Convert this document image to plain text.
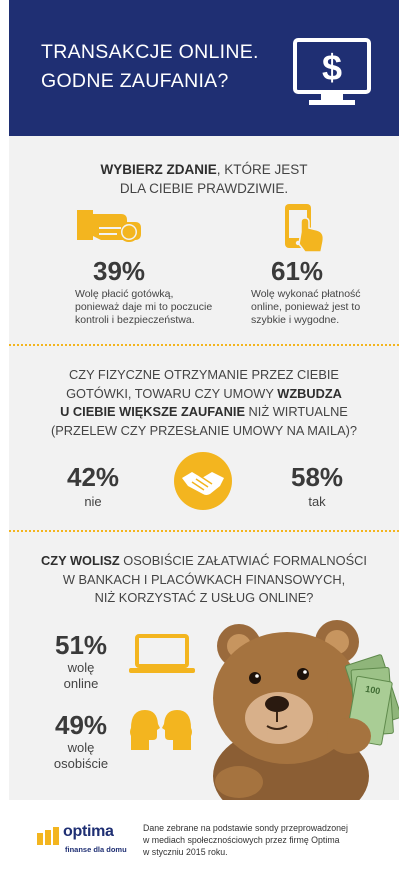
TRANSAKCJE ONLINE.
GODNE ZAUFANIA?	$
WYBIERZ ZDANIE, KTÓRE JEST
DLA CIEBIE PRAWDZIWIE.
39%
Wolę płacić gotówką,
ponieważ daje mi to poczucie
kontroli i bezpieczeństwa.
61%
Wolę wykonać płatność
online, ponieważ jest to
szybkie i wygodne.
CZY FIZYCZNE OTRZYMANIE PRZEZ CIEBIE
GOTÓWKI, TOWARU CZY UMOWY WZBUDZA
U CIEBIE WIĘKSZE ZAUFANIE NIŻ WIRTUALNE
(PRZELEW CZY PRZESŁANIE UMOWY NA MAILA)?
42%
nie
58%
tak
CZY WOLISZ OSOBIŚCIE ZAŁATWIAĆ FORMALNOŚCI
W BANKACH I PLACÓWKACH FINANSOWYCH,
NIŻ KORZYSTAĆ Z USŁUG ONLINE?
51%
wolę
online
49%
wolę
osobiście
100
optima
finanse dla domu
Dane zebrane na podstawie sondy przeprowadzonej
w mediach społecznościowych przez firmę Optima
w styczniu 2015 roku.
